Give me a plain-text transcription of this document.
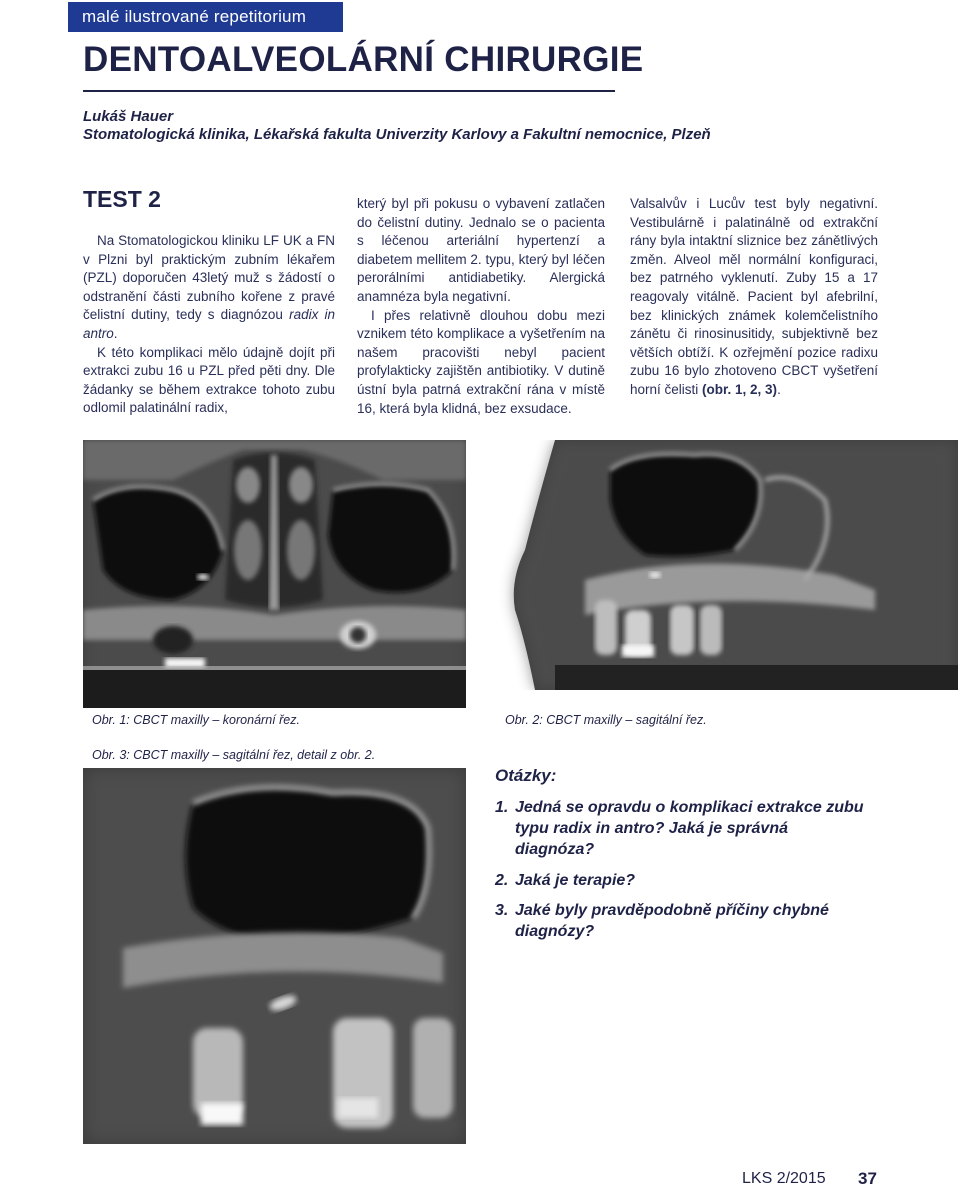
malé ilustrované repetitorium
DENTOALVEOLÁRNÍ CHIRURGIE
Lukáš Hauer
Stomatologická klinika, Lékařská fakulta Univerzity Karlovy a Fakultní nemocnice, Plzeň
TEST 2

Na Stomatologickou kliniku LF UK a FN v Plzni byl praktickým zubním lékařem (PZL) doporučen 43letý muž s žádostí o odstranění části zubního kořene z pravé čelistní dutiny, tedy s diagnózou radix in antro.

K této komplikaci mělo údajně dojít při extrakci zubu 16 u PZL před pěti dny. Dle žádanky se během extrakce tohoto zubu odlomil palatinální radix,

který byl při pokusu o vybavení zatlačen do čelistní dutiny. Jednalo se o pacienta s léčenou arteriální hypertenzí a diabetem mellitem 2. typu, který byl léčen perorálními antidiabetiky. Alergická anamnéza byla negativní.

I přes relativně dlouhou dobu mezi vznikem této komplikace a vyšetřením na našem pracovišti nebyl pacient profylakticky zajištěn antibiotiky. V dutině ústní byla patrná extrakční rána v místě 16, která byla klidná, bez exsudace.

Valsalvův i Lucův test byly negativní. Vestibulárně i palatinálně od extrakční rány byla intaktní sliznice bez zánětlivých změn. Alveol měl normální konfiguraci, bez patrného vyklenutí. Zuby 15 a 17 reagovaly vitálně. Pacient byl afebrilní, bez klinických známek kolemčelistního zánětu či rinosinusitidy, subjektivně bez větších obtíží. K ozřejmění pozice radixu zubu 16 bylo zhotoveno CBCT vyšetření horní čelisti (obr. 1, 2, 3).

Obr. 1: CBCT maxilly – koronární řez.	Obr. 2: CBCT maxilly – sagitální řez.
Obr. 3: CBCT maxilly – sagitální řez, detail z obr. 2.
Otázky:
1. Jedná se opravdu o komplikaci extrakce zubu typu radix in antro? Jaká je správná diagnóza?
2. Jaká je terapie?
3. Jaké byly pravděpodobně příčiny chybné diagnózy?
LKS 2/2015 37
